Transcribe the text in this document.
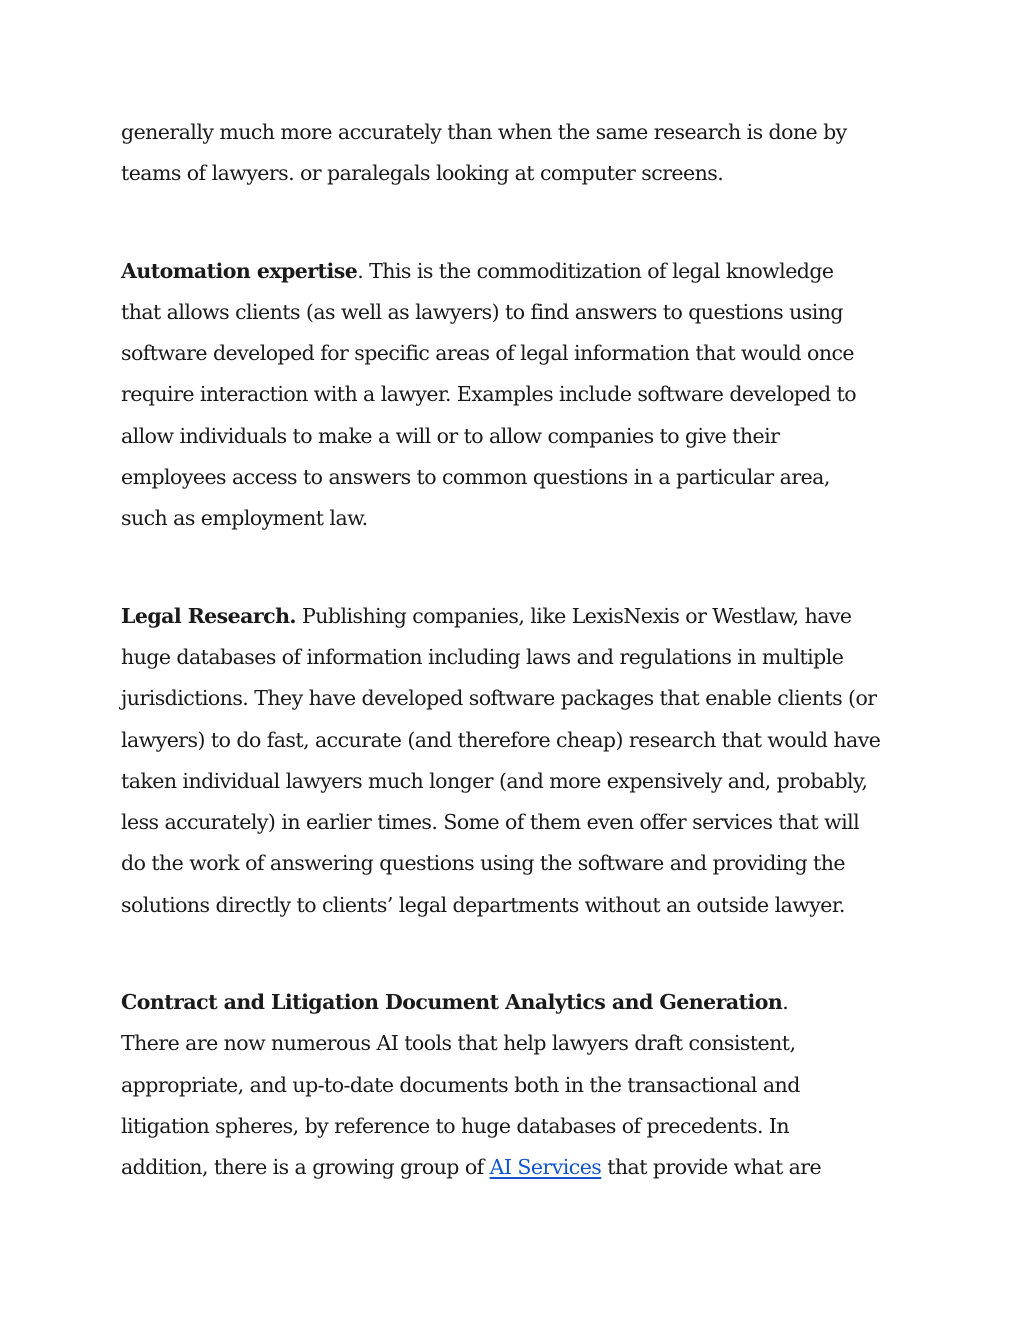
generally much more accurately than when the same research is done by
teams of lawyers. or paralegals looking at computer screens.
Automation expertise. This is the commoditization of legal knowledge
that allows clients (as well as lawyers) to find answers to questions using
software developed for specific areas of legal information that would once
require interaction with a lawyer. Examples include software developed to
allow individuals to make a will or to allow companies to give their
employees access to answers to common questions in a particular area,
such as employment law.
Legal Research. Publishing companies, like LexisNexis or Westlaw, have
huge databases of information including laws and regulations in multiple
jurisdictions. They have developed software packages that enable clients (or
lawyers) to do fast, accurate (and therefore cheap) research that would have
taken individual lawyers much longer (and more expensively and, probably,
less accurately) in earlier times. Some of them even offer services that will
do the work of answering questions using the software and providing the
solutions directly to clients’ legal departments without an outside lawyer.
Contract and Litigation Document Analytics and Generation.
There are now numerous AI tools that help lawyers draft consistent,
appropriate, and up-to-date documents both in the transactional and
litigation spheres, by reference to huge databases of precedents. In
addition, there is a growing group of AI Services that provide what are
